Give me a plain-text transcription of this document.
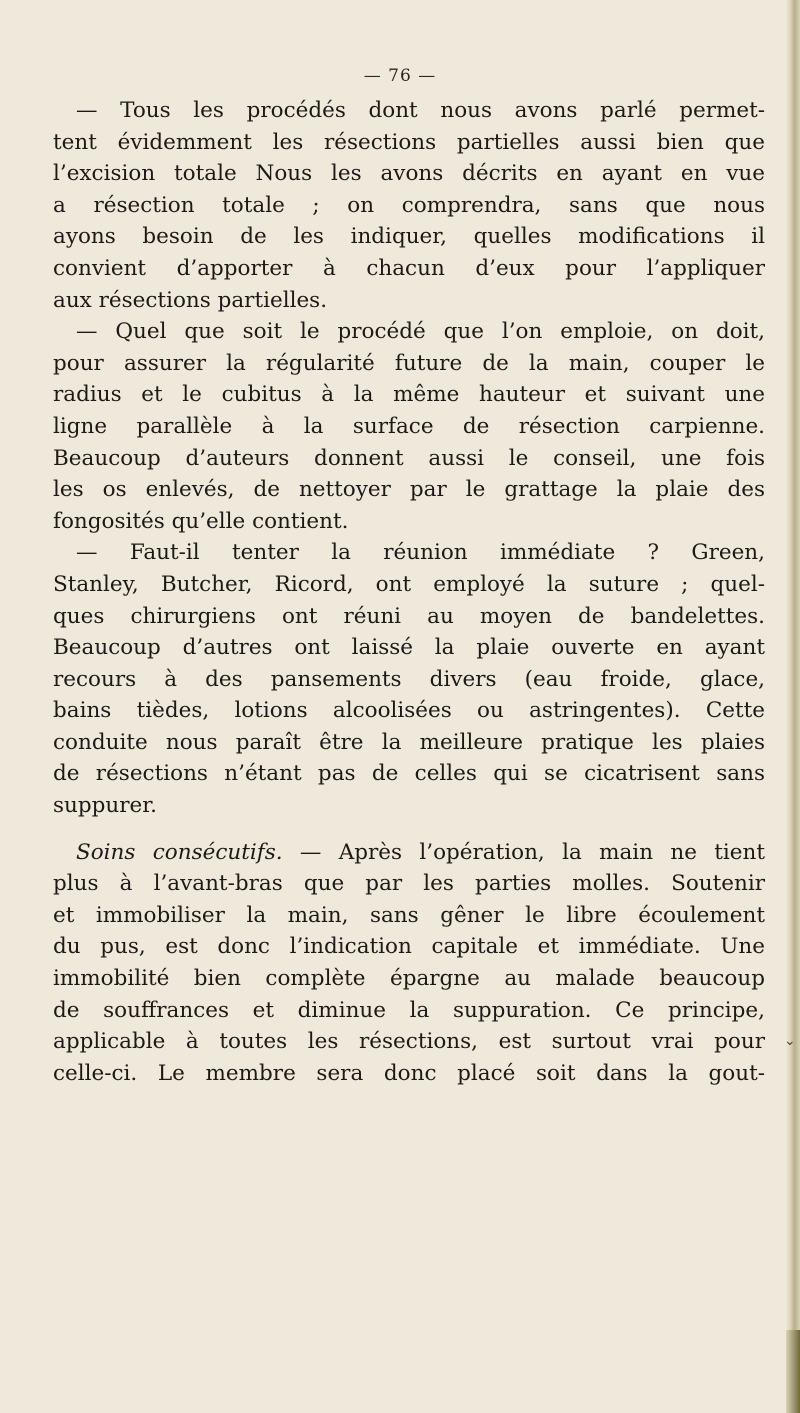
— 76 —
— Tous les procédés dont nous avons parlé permet-
tent évidemment les résections partielles aussi bien que
l’excision totale Nous les avons décrits en ayant en vue
a résection totale ; on comprendra, sans que nous
ayons besoin de les indiquer, quelles modifications il
convient d’apporter à chacun d’eux pour l’appliquer
aux résections partielles.
— Quel que soit le procédé que l’on emploie, on doit,
pour assurer la régularité future de la main, couper le
radius et le cubitus à la même hauteur et suivant une
ligne parallèle à la surface de résection carpienne.
Beaucoup d’auteurs donnent aussi le conseil, une fois
les os enlevés, de nettoyer par le grattage la plaie des
fongosités qu’elle contient.
— Faut-il tenter la réunion immédiate ? Green,
Stanley, Butcher, Ricord, ont employé la suture ; quel-
ques chirurgiens ont réuni au moyen de bandelettes.
Beaucoup d’autres ont laissé la plaie ouverte en ayant
recours à des pansements divers (eau froide, glace,
bains tièdes, lotions alcoolisées ou astringentes). Cette
conduite nous paraît être la meilleure pratique les plaies
de résections n’étant pas de celles qui se cicatrisent sans
suppurer.
Soins consécutifs. — Après l’opération, la main ne tient
plus à l’avant-bras que par les parties molles. Soutenir
et immobiliser la main, sans gêner le libre écoulement
du pus, est donc l’indication capitale et immédiate. Une
immobilité bien complète épargne au malade beaucoup
de souffrances et diminue la suppuration. Ce principe,
applicable à toutes les résections, est surtout vrai pour
celle-ci. Le membre sera donc placé soit dans la gout-
⌄
